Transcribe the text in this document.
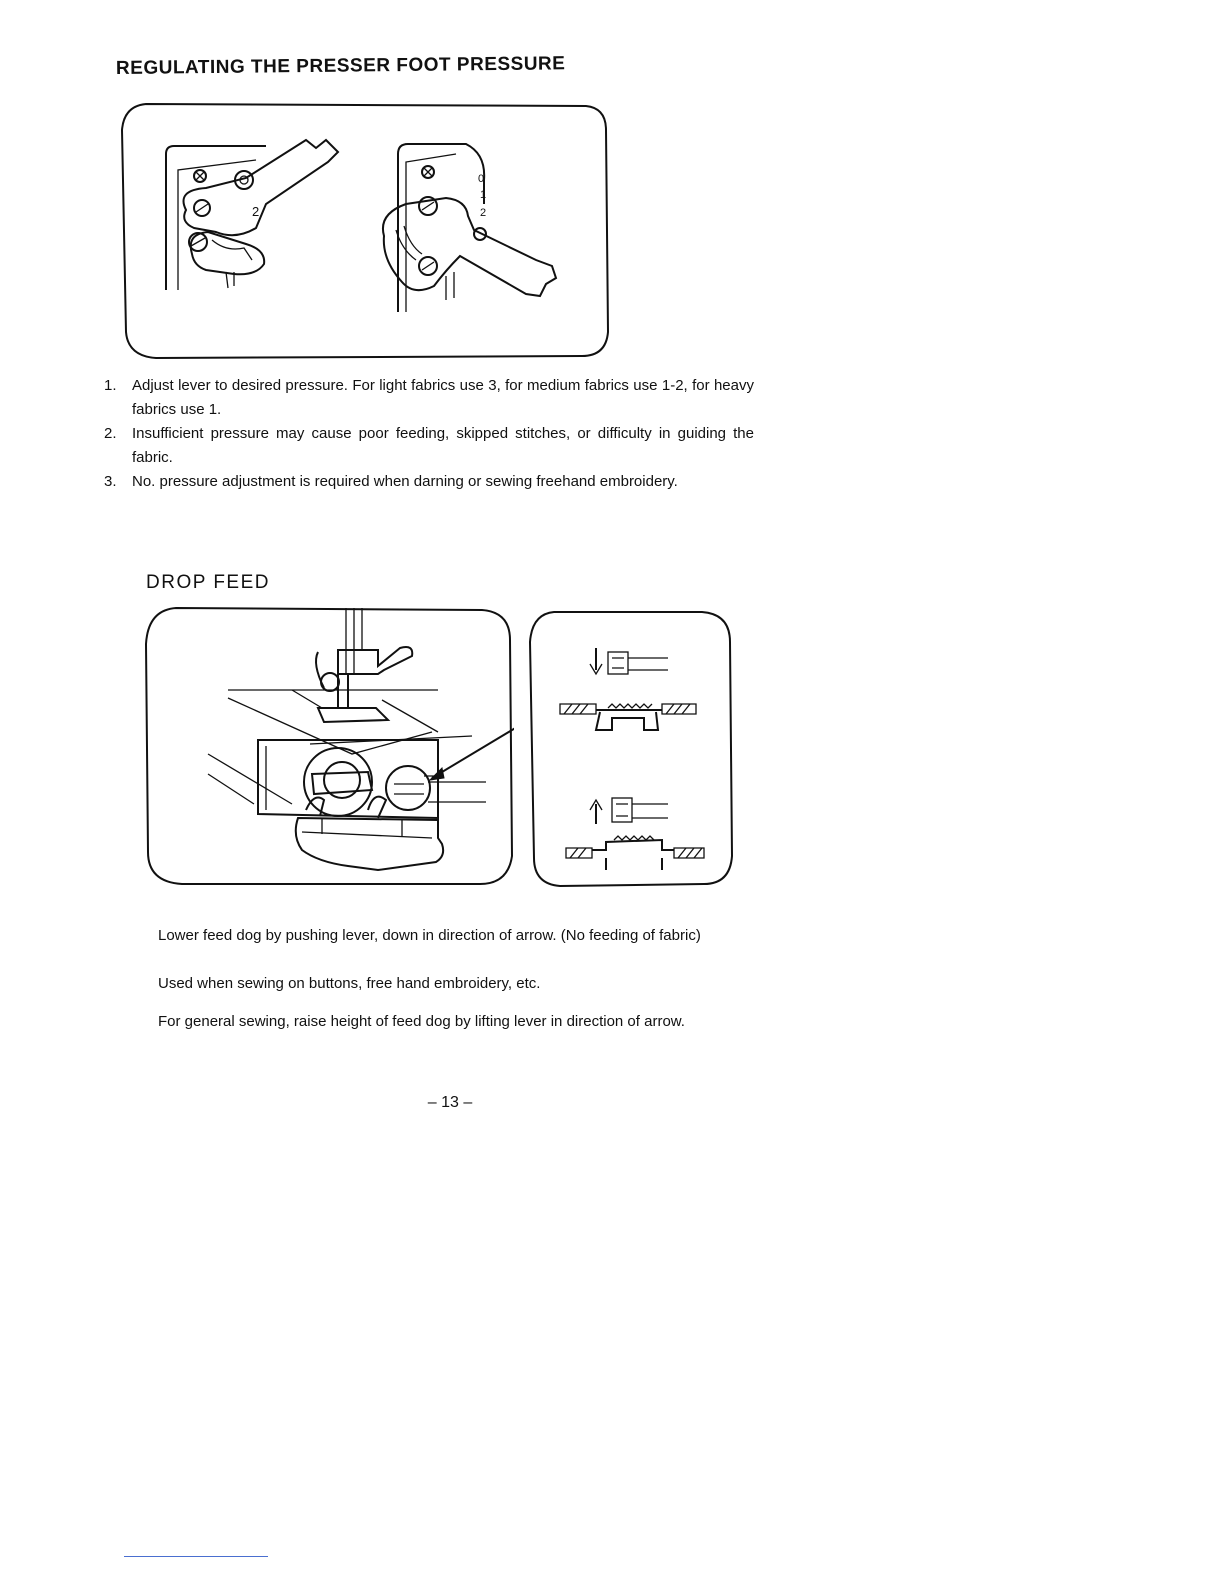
REGULATING THE PRESSER FOOT PRESSURE
2
0
1
2
1. Adjust lever to desired pressure. For light fabrics use 3, for medium fabrics use 1-2, for heavy fabrics use 1.
2. Insufficient pressure may cause poor feeding, skipped stitches, or difficulty in guiding the fabric.
3. No. pressure adjustment is required when darning or sewing freehand embroidery.
DROP FEED

Lower feed dog by pushing lever, down in direction of arrow. (No feeding of fabric)

Used when sewing on buttons, free hand embroidery, etc.

For general sewing, raise height of feed dog by lifting lever in direction of arrow.

– 13 –
